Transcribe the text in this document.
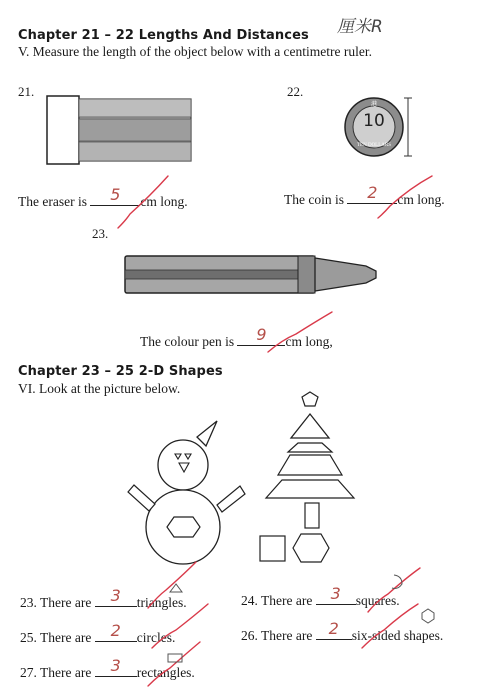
Chapter 21 – 22 Lengths And Distances 厘米R
V. Measure the length of the object below with a centimetre ruler.
21.	22.
港
10
TEN DOLLARS
The eraser is	5	cm long.	The coin is	2	cm long.
23.
The colour pen is	9	cm long,
Chapter 23 – 25 2-D Shapes
VI. Look at the picture below.
23. There are	3	triangles.	24. There are	3	squares.
25. There are	2	circles.	26. There are	2 six-sided shapes.
27. There are	3	rectangles.
